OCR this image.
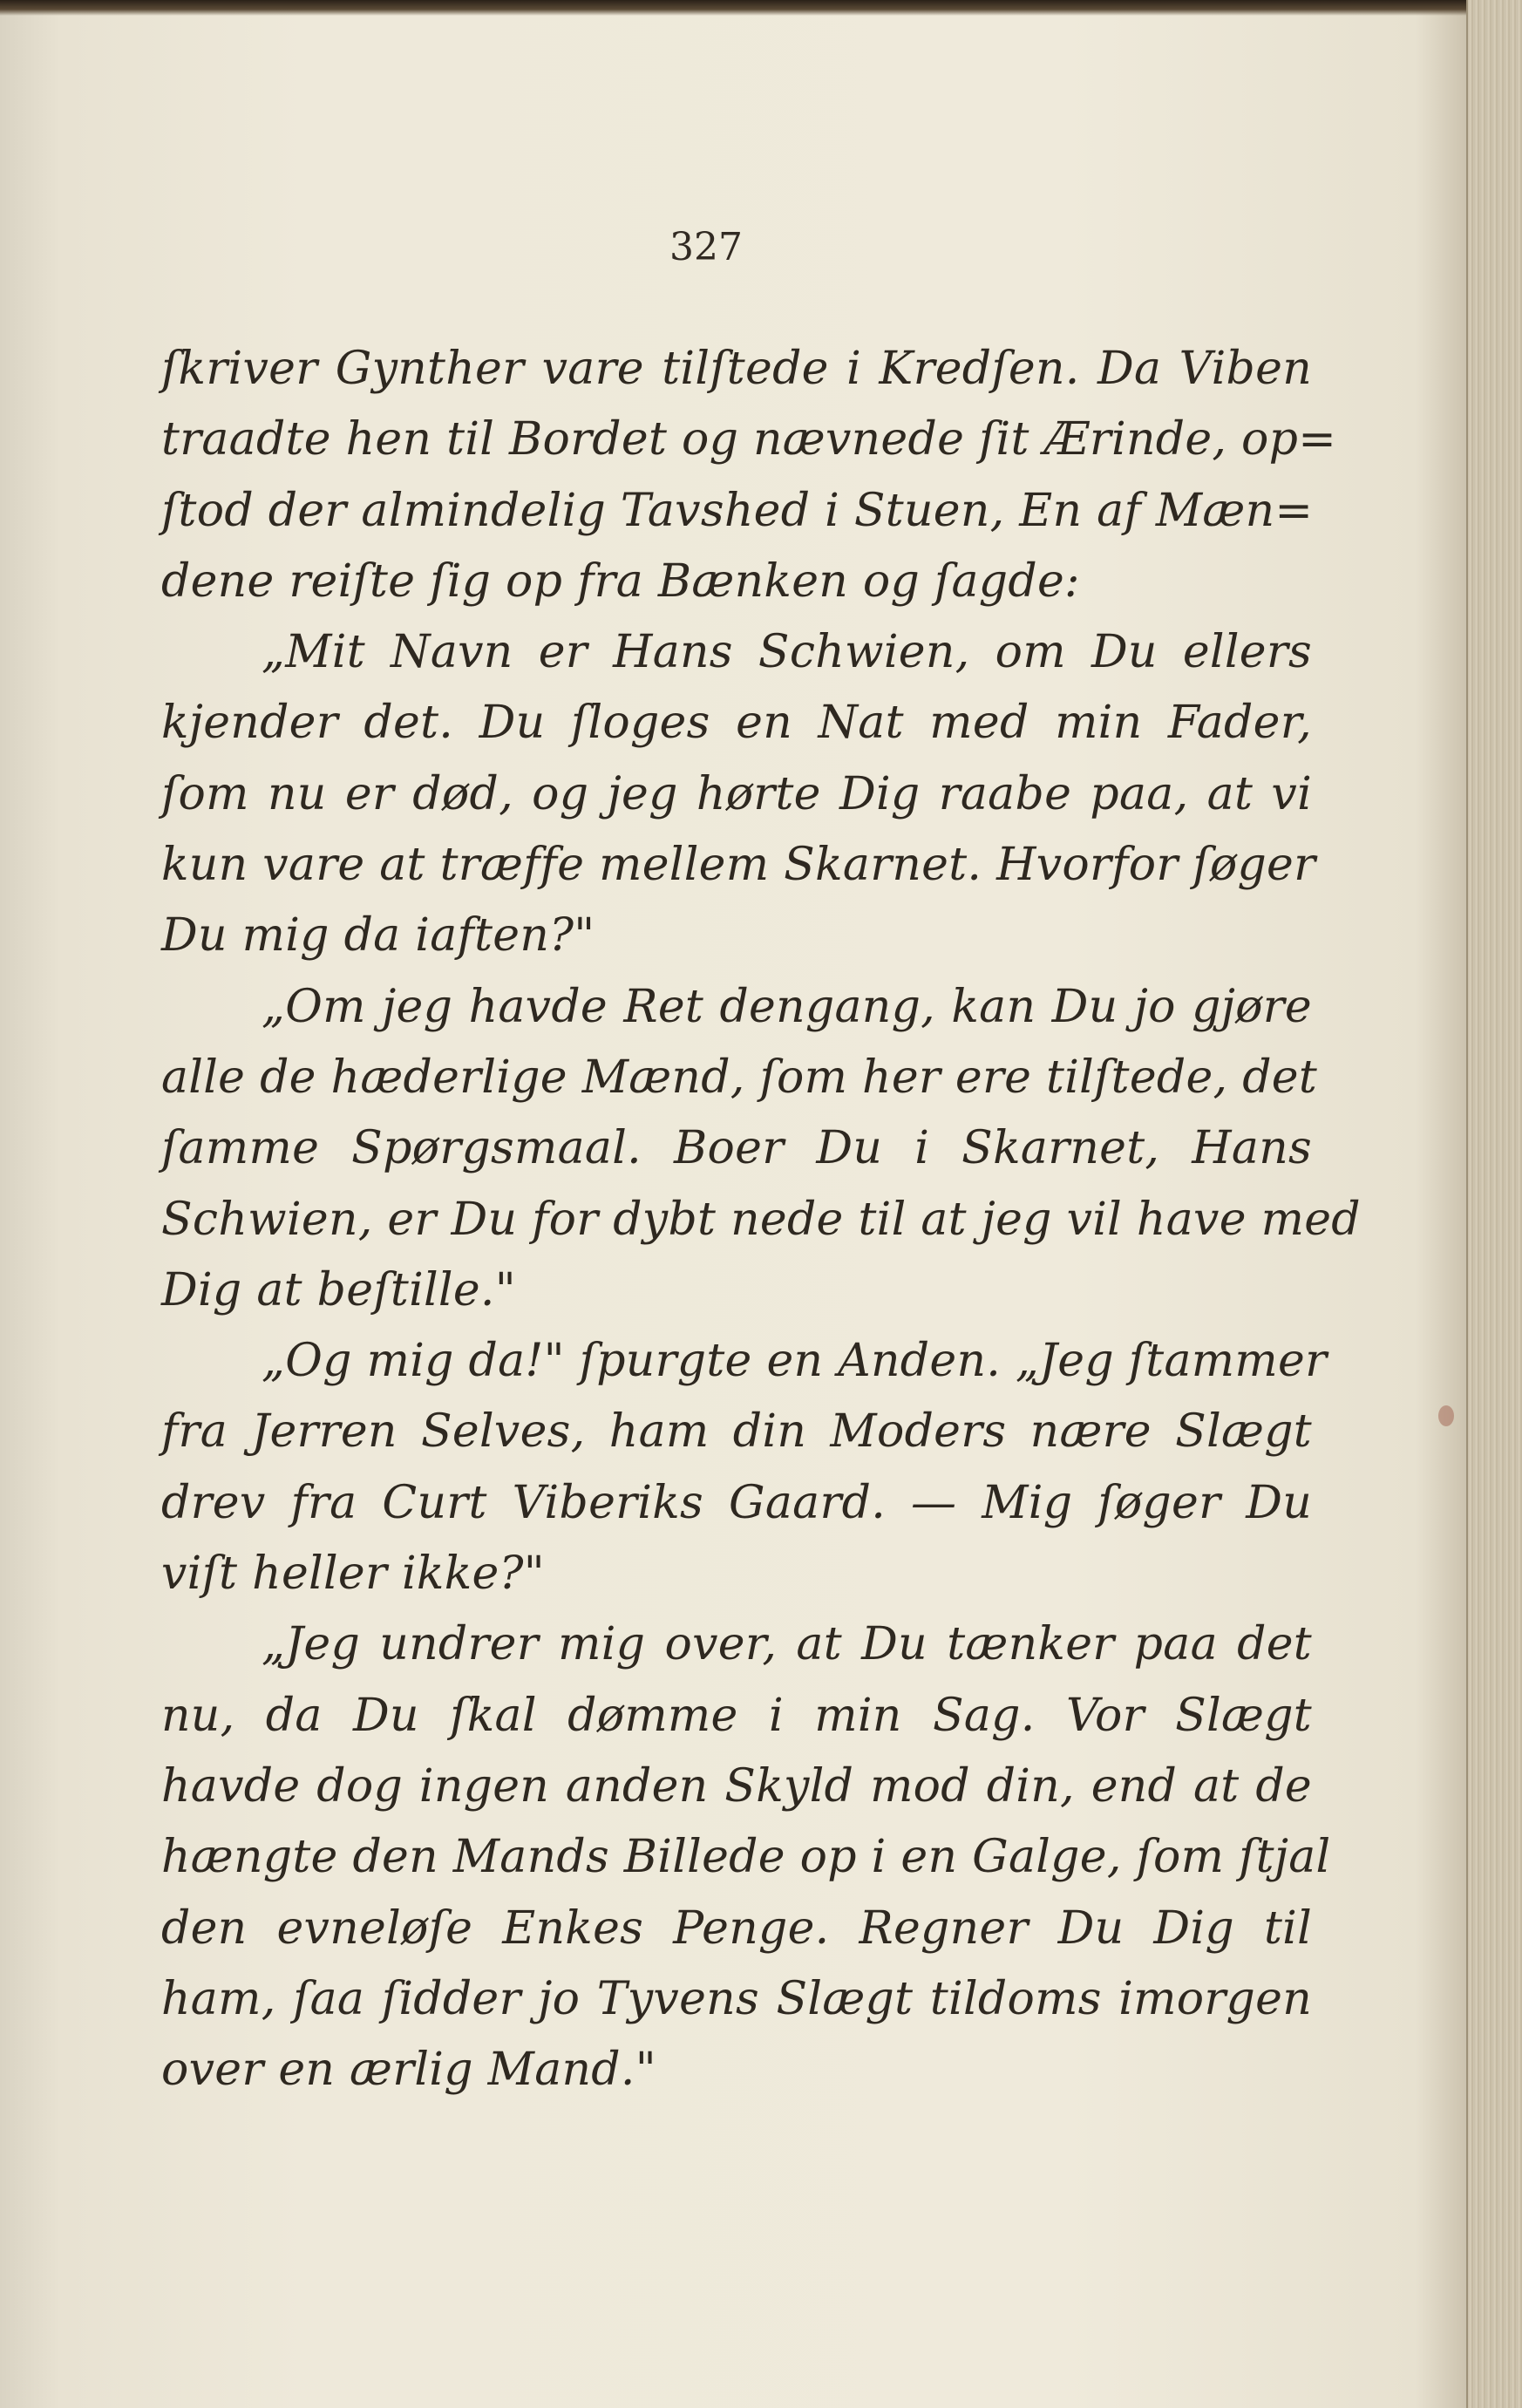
327
ſkriver Gynther vare tilſtede i Kredſen. Da Viben
traadte hen til Bordet og nævnede ſit Ærinde, op=
ſtod der almindelig Tavshed i Stuen, En af Mæn=
dene reiſte ſig op fra Bænken og ſagde:
„Mit Navn er Hans Schwien, om Du ellers
kjender det. Du ſloges en Nat med min Fader,
ſom nu er død, og jeg hørte Dig raabe paa, at vi
kun vare at træffe mellem Skarnet. Hvorfor ſøger
Du mig da iaften?"
„Om jeg havde Ret dengang, kan Du jo gjøre
alle de hæderlige Mænd, ſom her ere tilſtede, det
ſamme Spørgsmaal. Boer Du i Skarnet, Hans
Schwien, er Du for dybt nede til at jeg vil have med
Dig at beſtille."
„Og mig da!" ſpurgte en Anden. „Jeg ſtammer
fra Jerren Selves, ham din Moders nære Slægt
drev fra Curt Viberiks Gaard. — Mig ſøger Du
viſt heller ikke?"
„Jeg undrer mig over, at Du tænker paa det
nu, da Du ſkal dømme i min Sag. Vor Slægt
havde dog ingen anden Skyld mod din, end at de
hængte den Mands Billede op i en Galge, ſom ſtjal
den evneløſe Enkes Penge. Regner Du Dig til
ham, ſaa ſidder jo Tyvens Slægt tildoms imorgen
over en ærlig Mand."
